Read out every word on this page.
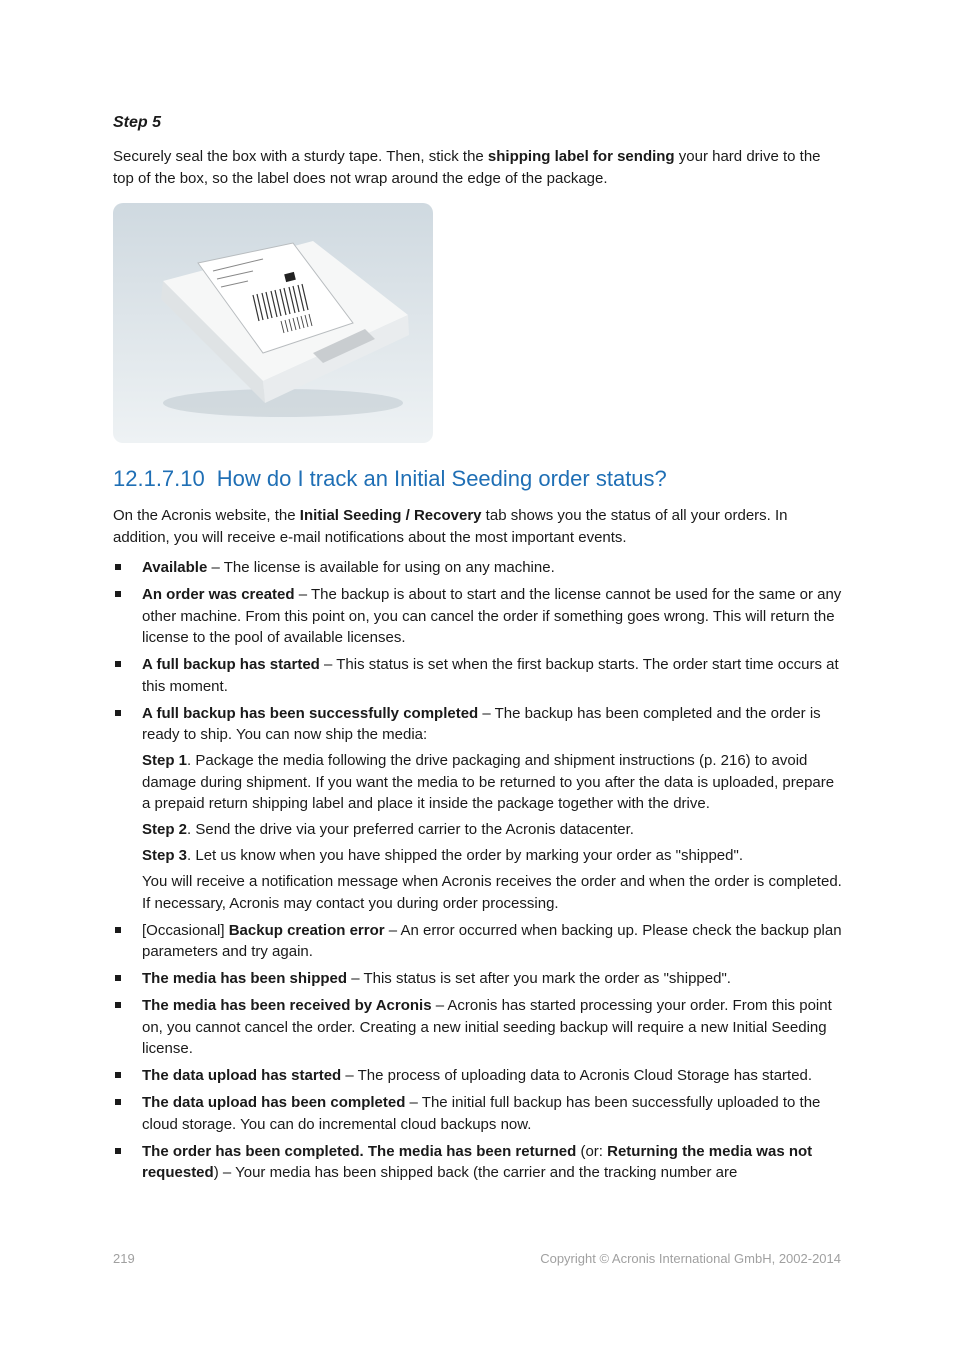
Step 5
Securely seal the box with a sturdy tape. Then, stick the shipping label for sending your hard drive to the top of the box, so the label does not wrap around the edge of the package.
12.1.7.10 How do I track an Initial Seeding order status?
On the Acronis website, the Initial Seeding / Recovery tab shows you the status of all your orders. In addition, you will receive e-mail notifications about the most important events.
Available – The license is available for using on any machine.
An order was created – The backup is about to start and the license cannot be used for the same or any other machine. From this point on, you can cancel the order if something goes wrong. This will return the license to the pool of available licenses.
A full backup has started – This status is set when the first backup starts. The order start time occurs at this moment.
A full backup has been successfully completed – The backup has been completed and the order is ready to ship. You can now ship the media:
Step 1. Package the media following the drive packaging and shipment instructions (p. 216) to avoid damage during shipment. If you want the media to be returned to you after the data is uploaded, prepare a prepaid return shipping label and place it inside the package together with the drive.
Step 2. Send the drive via your preferred carrier to the Acronis datacenter.
Step 3. Let us know when you have shipped the order by marking your order as "shipped".
You will receive a notification message when Acronis receives the order and when the order is completed. If necessary, Acronis may contact you during order processing.
[Occasional] Backup creation error – An error occurred when backing up. Please check the backup plan parameters and try again.
The media has been shipped – This status is set after you mark the order as "shipped".
The media has been received by Acronis – Acronis has started processing your order. From this point on, you cannot cancel the order. Creating a new initial seeding backup will require a new Initial Seeding license.
The data upload has started – The process of uploading data to Acronis Cloud Storage has started.
The data upload has been completed – The initial full backup has been successfully uploaded to the cloud storage. You can do incremental cloud backups now.
The order has been completed. The media has been returned (or: Returning the media was not requested) – Your media has been shipped back (the carrier and the tracking number are
219	Copyright © Acronis International GmbH, 2002-2014
